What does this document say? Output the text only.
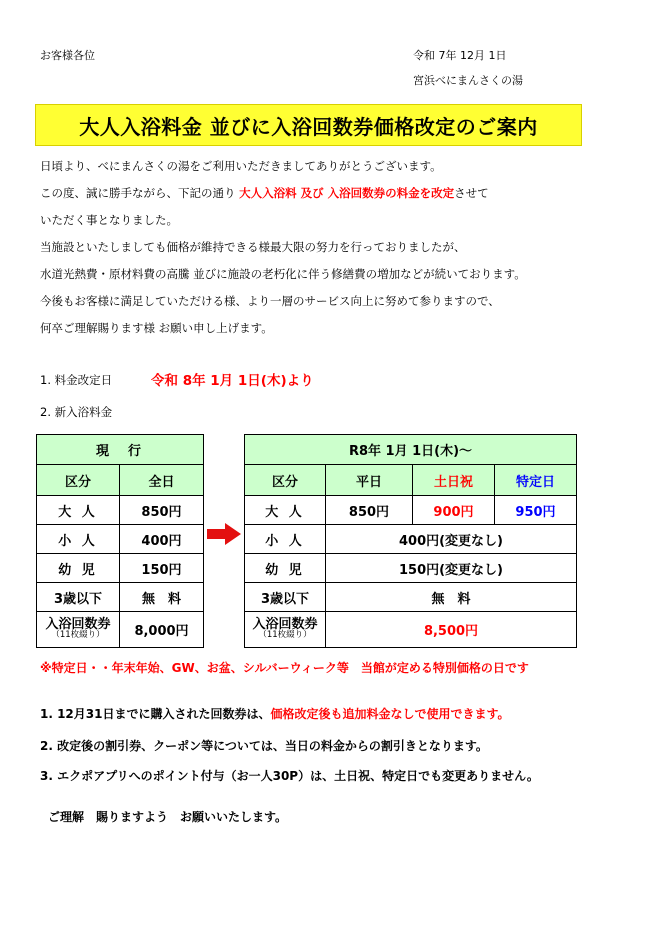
お客様各位	令和 7年 12月 1日
宮浜べにまんさくの湯
大人入浴料金 並びに入浴回数券価格改定のご案内
日頃より、べにまんさくの湯をご利用いただきましてありがとうございます。
この度、誠に勝手ながら、下記の通り 大人入浴料 及び 入浴回数券の料金を改定させて
いただく事となりました。
当施設といたしましても価格が維持できる様最大限の努力を行っておりましたが、
水道光熱費・原材料費の高騰 並びに施設の老朽化に伴う修繕費の増加などが続いております。
今後もお客様に満足していただける様、より一層のサービス向上に努めて参りますので、
何卒ご理解賜ります様 お願い申し上げます。
1. 料金改定日	令和 8年 1月 1日(木)より
2. 新入浴料金
現　行	
区分	全日
大 人	850円
小 人	400円
幼 児	150円
3歳以下	無　料

入浴回数券
（11枚綴り）	8,000円
R8年 1月 1日(木)～			
区分	平日	土日祝	特定日
大 人	850円	900円	950円
小 人	400円(変更なし)		
幼 児	150円(変更なし)		
3歳以下	無　料		

入浴回数券
（11枚綴り）	8,500円		
※特定日・・年末年始、GW、お盆、シルバーウィーク等　当館が定める特別価格の日です
1. 12月31日までに購入された回数券は、価格改定後も追加料金なしで使用できます。
2. 改定後の割引券、クーポン等については、当日の料金からの割引きとなります。
3. エクポアプリへのポイント付与（お一人30P）は、土日祝、特定日でも変更ありません。
ご理解　賜りますよう　お願いいたします。
